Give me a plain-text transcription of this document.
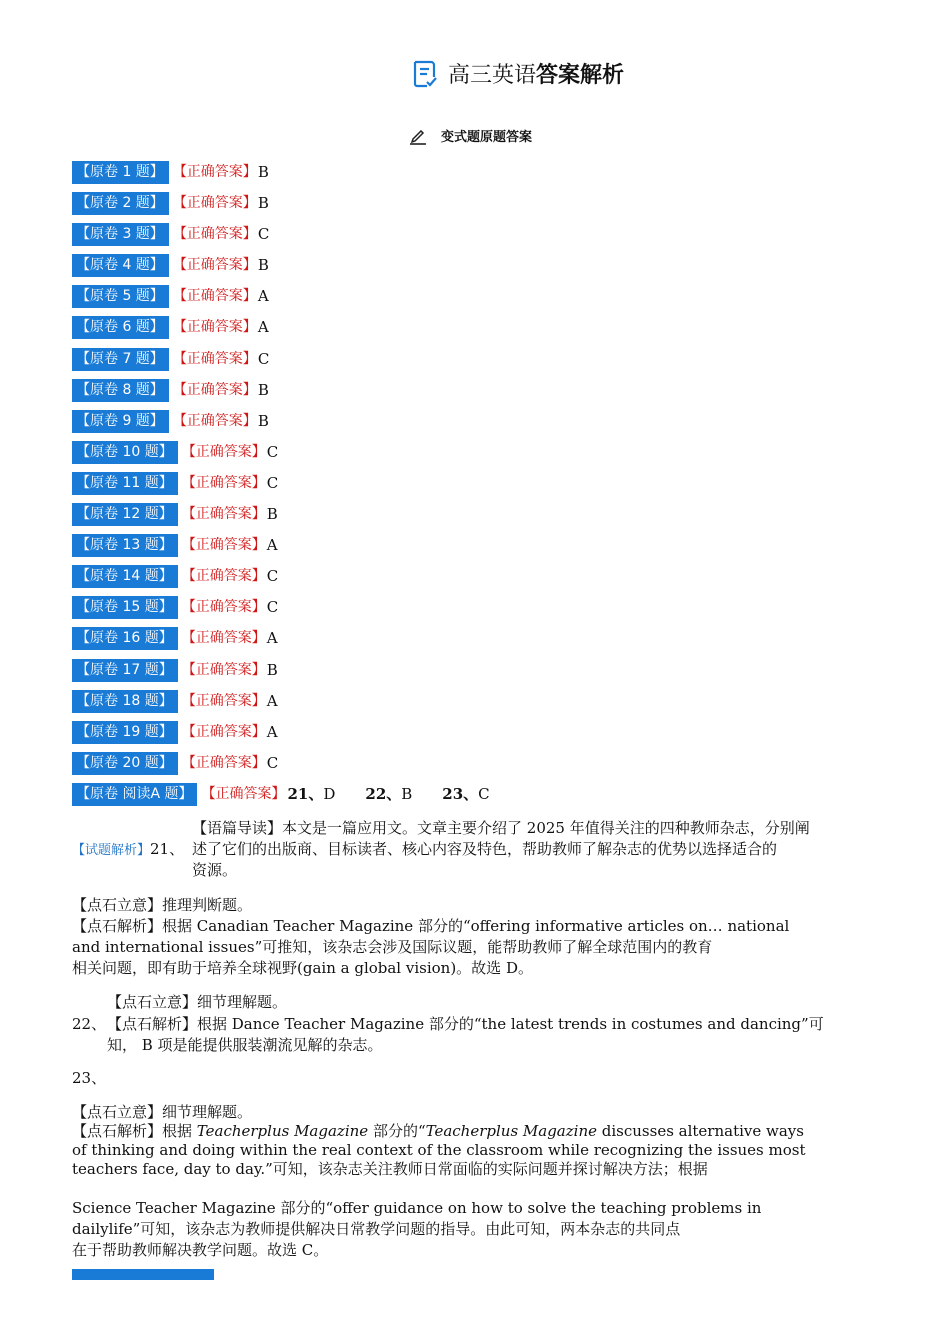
高三英语答案解析
变式题原题答案
【原卷 1 题】 【正确答案】 B
【原卷 2 题】 【正确答案】 B
【原卷 3 题】 【正确答案】 C
【原卷 4 题】 【正确答案】 B
【原卷 5 题】 【正确答案】 A
【原卷 6 题】 【正确答案】 A
【原卷 7 题】 【正确答案】 C
【原卷 8 题】 【正确答案】 B
【原卷 9 题】 【正确答案】 B
【原卷 10 题】 【正确答案】 C
【原卷 11 题】 【正确答案】 C
【原卷 12 题】 【正确答案】 B
【原卷 13 题】 【正确答案】 A
【原卷 14 题】 【正确答案】 C
【原卷 15 题】 【正确答案】 C
【原卷 16 题】 【正确答案】 A
【原卷 17 题】 【正确答案】 B
【原卷 18 题】 【正确答案】 A
【原卷 19 题】 【正确答案】 A
【原卷 20 题】 【正确答案】 C
【原卷 阅读A 题】 【正确答案】 21、D 22、B 23、C
【语篇导读】本文是一篇应用文。文章主要介绍了 2025 年值得关注的四种教师杂志，分别阐
述了它们的出版商、目标读者、核心内容及特色，帮助教师了解杂志的优势以选择适合的
资源。
【试题解析】21、
【点石立意】推理判断题。
【点石解析】根据 Canadian Teacher Magazine 部分的“offering informative articles on… national
and international issues”可推知，该杂志会涉及国际议题，能帮助教师了解全球范围内的教育
相关问题，即有助于培养全球视野(gain a global vision)。故选 D。
【点石立意】细节理解题。
22、 【点石解析】根据 Dance Teacher Magazine 部分的“the latest trends in costumes and dancing”可
知， B 项是能提供服装潮流见解的杂志。
23、
【点石立意】细节理解题。
【点石解析】根据 Teacherplus Magazine 部分的“Teacherplus Magazine discusses alternative ways
of thinking and doing within the real context of the classroom while recognizing the issues most
teachers face, day to day.”可知，该杂志关注教师日常面临的实际问题并探讨解决方法；根据
Science Teacher Magazine 部分的“offer guidance on how to solve the teaching problems in
dailylife”可知，该杂志为教师提供解决日常教学问题的指导。由此可知，两本杂志的共同点
在于帮助教师解决教学问题。故选 C。
